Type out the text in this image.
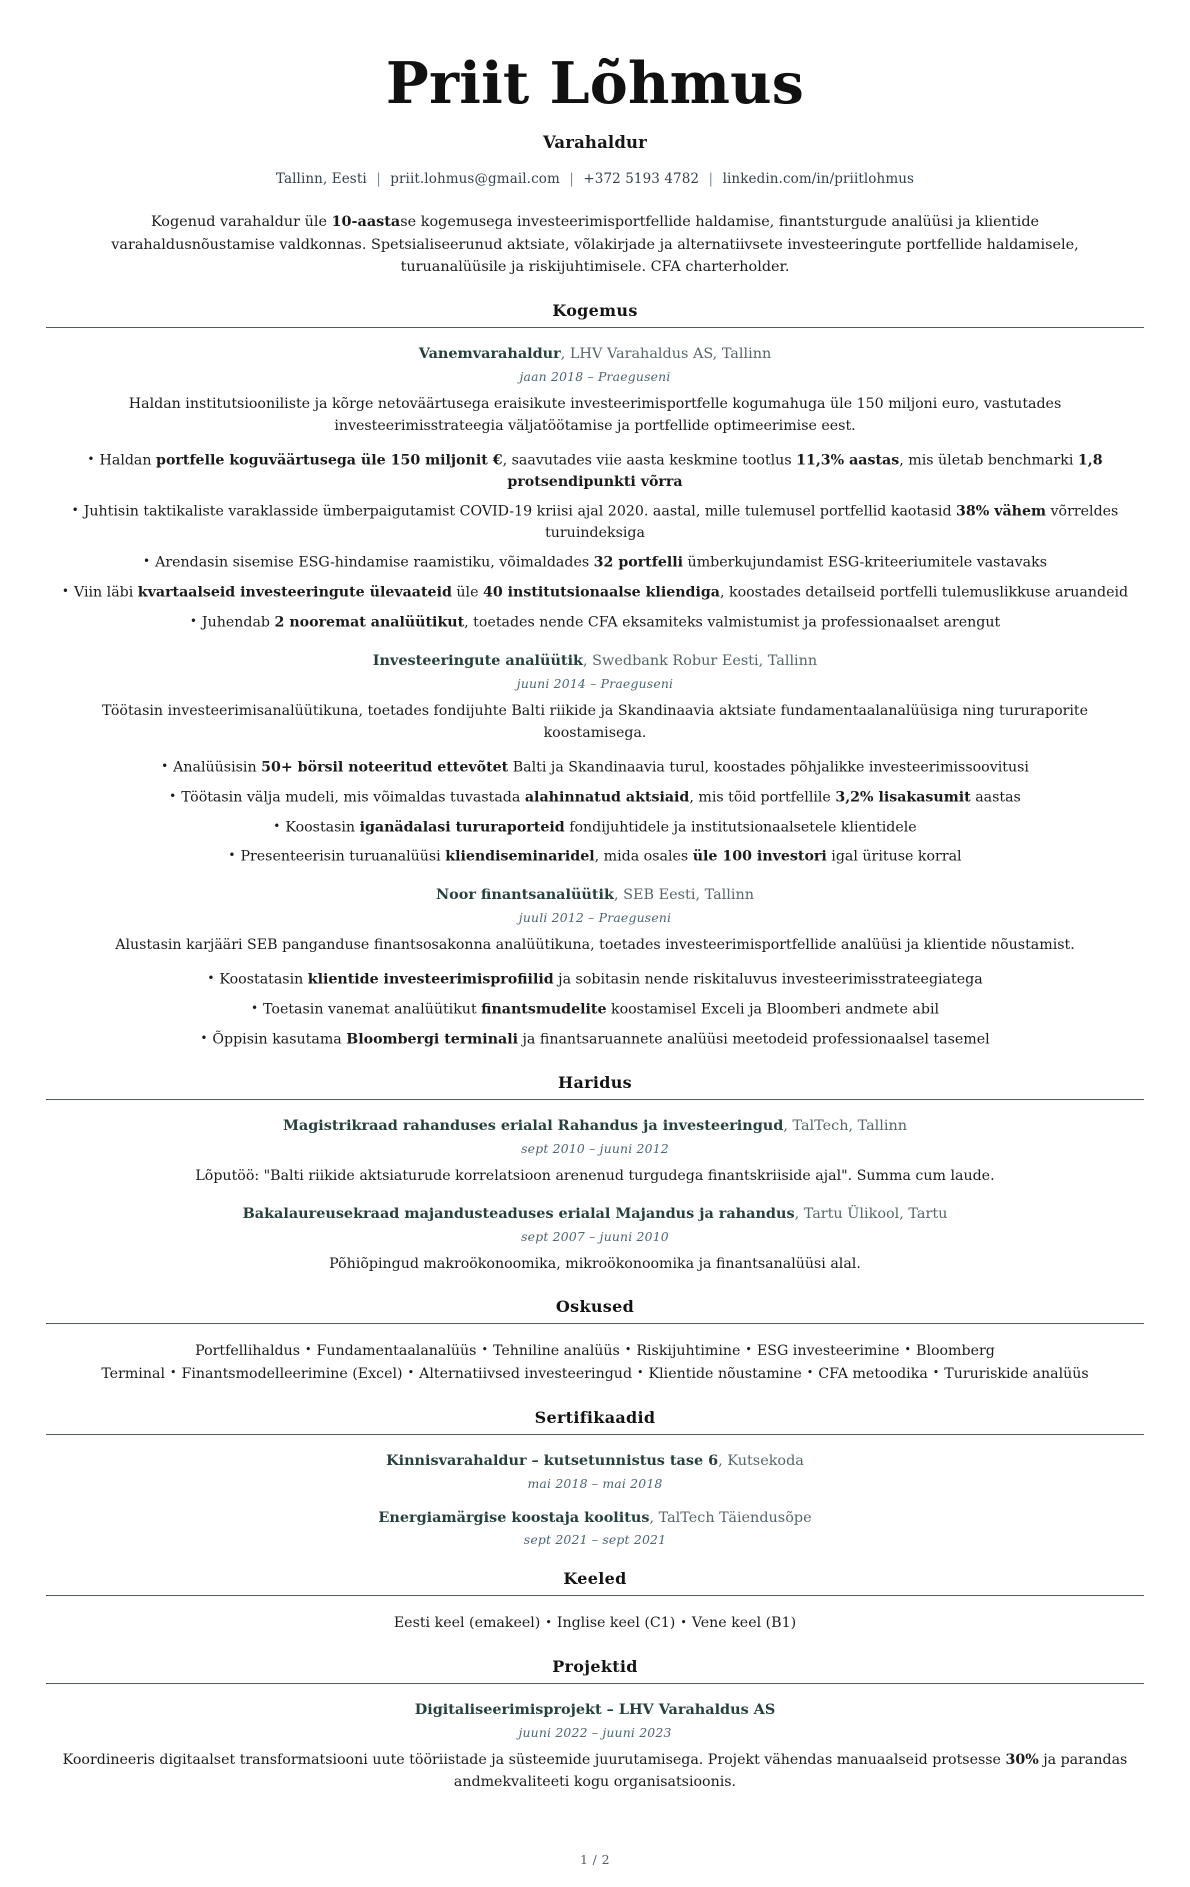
Priit Lõhmus
Varahaldur
Tallinn, Eesti | priit.lohmus@gmail.com | +372 5193 4782 | linkedin.com/in/priitlohmus
Kogenud varahaldur üle 10-aastase kogemusega investeerimisportfellide haldamise, finantsturgude analüüsi ja klientide varahaldusnõustamise valdkonnas. Spetsialiseerunud aktsiate, võlakirjade ja alternatiivsete investeeringute portfellide haldamisele, turuanalüüsile ja riskijuhtimisele. CFA charterholder.
Kogemus
Vanemvarahaldur, LHV Varahaldus AS, Tallinn
jaan 2018 – Praeguseni
Haldan institutsiooniliste ja kõrge netoväärtusega eraisikute investeerimisportfelle kogumahuga üle 150 miljoni euro, vastutades investeerimisstrateegia väljatöötamise ja portfellide optimeerimise eest.
• Haldan portfelle koguväärtusega üle 150 miljonit €, saavutades viie aasta keskmine tootlus 11,3% aastas, mis ületab benchmarki 1,8 protsendipunkti võrra
• Juhtisin taktikaliste varaklasside ümberpaigutamist COVID-19 kriisi ajal 2020. aastal, mille tulemusel portfellid kaotasid 38% vähem võrreldes turuindeksiga
• Arendasin sisemise ESG-hindamise raamistiku, võimaldades 32 portfelli ümberkujundamist ESG-kriteeriumitele vastavaks
• Viin läbi kvartaalseid investeeringute ülevaateid üle 40 institutsionaalse kliendiga, koostades detailseid portfelli tulemuslikkuse aruandeid
• Juhendab 2 nooremat analüütikut, toetades nende CFA eksamiteks valmistumist ja professionaalset arengut
Investeeringute analüütik, Swedbank Robur Eesti, Tallinn
juuni 2014 – Praeguseni
Töötasin investeerimisanalüütikuna, toetades fondijuhte Balti riikide ja Skandinaavia aktsiate fundamentaalanalüüsiga ning tururaporite koostamisega.
• Analüüsisin 50+ börsil noteeritud ettevõtet Balti ja Skandinaavia turul, koostades põhjalikke investeerimissoovitusi
• Töötasin välja mudeli, mis võimaldas tuvastada alahinnatud aktsiaid, mis tõid portfellile 3,2% lisakasumit aastas
• Koostasin iganädalasi tururaporteid fondijuhtidele ja institutsionaalsetele klientidele
• Presenteerisin turuanalüüsi kliendiseminaridel, mida osales üle 100 investori igal ürituse korral
Noor finantsanalüütik, SEB Eesti, Tallinn
juuli 2012 – Praeguseni
Alustasin karjääri SEB panganduse finantsosakonna analüütikuna, toetades investeerimisportfellide analüüsi ja klientide nõustamist.
• Koostatasin klientide investeerimisprofiilid ja sobitasin nende riskitaluvus investeerimisstrateegiatega
• Toetasin vanemat analüütikut finantsmudelite koostamisel Exceli ja Bloomberi andmete abil
• Õppisin kasutama Bloombergi terminali ja finantsaruannete analüüsi meetodeid professionaalsel tasemel
Haridus
Magistrikraad rahanduses erialal Rahandus ja investeeringud, TalTech, Tallinn
sept 2010 – juuni 2012
Lõputöö: "Balti riikide aktsiaturude korrelatsioon arenenud turgudega finantskriiside ajal". Summa cum laude.
Bakalaureusekraad majandusteaduses erialal Majandus ja rahandus, Tartu Ülikool, Tartu
sept 2007 – juuni 2010
Põhiõpingud makroökonoomika, mikroökonoomika ja finantsanalüüsi alal.
Oskused
Portfellihaldus • Fundamentaalanalüüs • Tehniline analüüs • Riskijuhtimine • ESG investeerimine • Bloomberg Terminal • Finantsmodelleerimine (Excel) • Alternatiivsed investeeringud • Klientide nõustamine • CFA metoodika • Tururiskide analüüs
Sertifikaadid
Kinnisvarahaldur – kutsetunnistus tase 6, Kutsekoda
mai 2018 – mai 2018
Energiamärgise koostaja koolitus, TalTech Täiendusõpe
sept 2021 – sept 2021
Keeled
Eesti keel (emakeel) • Inglise keel (C1) • Vene keel (B1)
Projektid
Digitaliseerimisprojekt – LHV Varahaldus AS
juuni 2022 – juuni 2023
Koordineeris digitaalset transformatsiooni uute tööriistade ja süsteemide juurutamisega. Projekt vähendas manuaalseid protsesse 30% ja parandas andmekvaliteeti kogu organisatsioonis.
1 / 2
